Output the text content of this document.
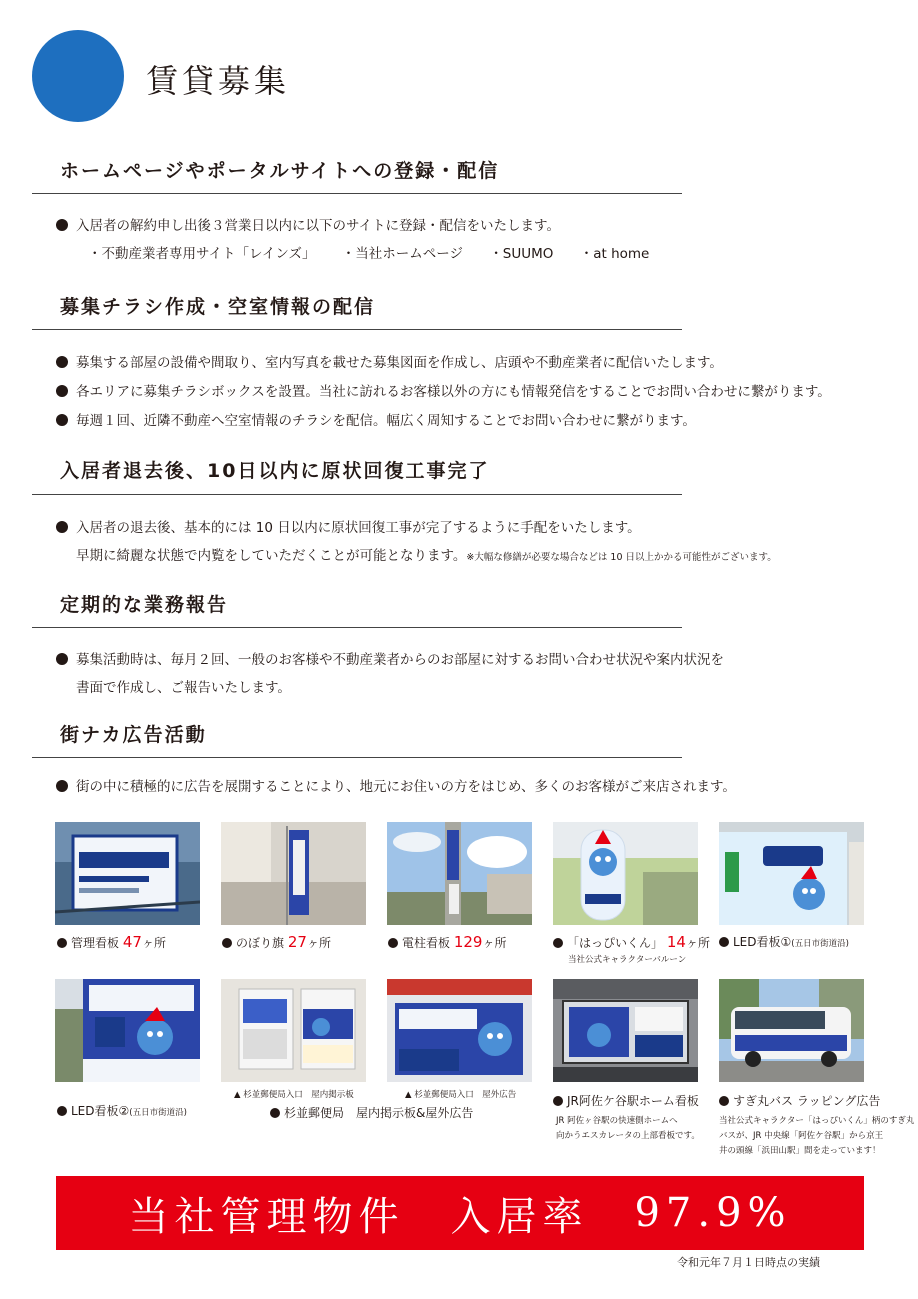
賃貸募集
ホームページやポータルサイトへの登録・配信
入居者の解約申し出後３営業日以内に以下のサイトに登録・配信をいたします。
・不動産業者専用サイト「レインズ」 ・当社ホームページ ・SUUMO ・at home
募集チラシ作成・空室情報の配信
募集する部屋の設備や間取り、室内写真を載せた募集図面を作成し、店頭や不動産業者に配信いたします。
各エリアに募集チラシボックスを設置。当社に訪れるお客様以外の方にも情報発信をすることでお問い合わせに繋がります。
毎週１回、近隣不動産へ空室情報のチラシを配信。幅広く周知することでお問い合わせに繋がります。
入居者退去後、10日以内に原状回復工事完了
入居者の退去後、基本的には 10 日以内に原状回復工事が完了するように手配をいたします。
早期に綺麗な状態で内覧をしていただくことが可能となります。※大幅な修繕が必要な場合などは 10 日以上かかる可能性がございます。
定期的な業務報告
募集活動時は、毎月２回、一般のお客様や不動産業者からのお部屋に対するお問い合わせ状況や案内状況を
書面で作成し、ご報告いたします。
街ナカ広告活動
街の中に積極的に広告を展開することにより、地元にお住いの方をはじめ、多くのお客様がご来店されます。
管理看板 47ヶ所	のぼり旗 27ヶ所	電柱看板 129ヶ所	「はっぴいくん」 14ヶ所
当社公式キャラクターバルーン
LED看板①(五日市街道沿)
LED看板②(五日市街道沿)
▲ 杉並郵便局入口　屋内掲示板	▲ 杉並郵便局入口　屋外広告
杉並郵便局　屋内掲示板&屋外広告
JR阿佐ケ谷駅ホーム看板
JR 阿佐ヶ谷駅の快速側ホームへ
向かうエスカレータの上部看板です。
すぎ丸バス ラッピング広告
当社公式キャラクター「はっぴいくん」柄のすぎ丸
バスが、JR 中央線「阿佐ケ谷駅」から京王
井の頭線「浜田山駅」間を走っています！
当社管理物件
　 入居率
　 97.9%
令和元年７月１日時点の実績
